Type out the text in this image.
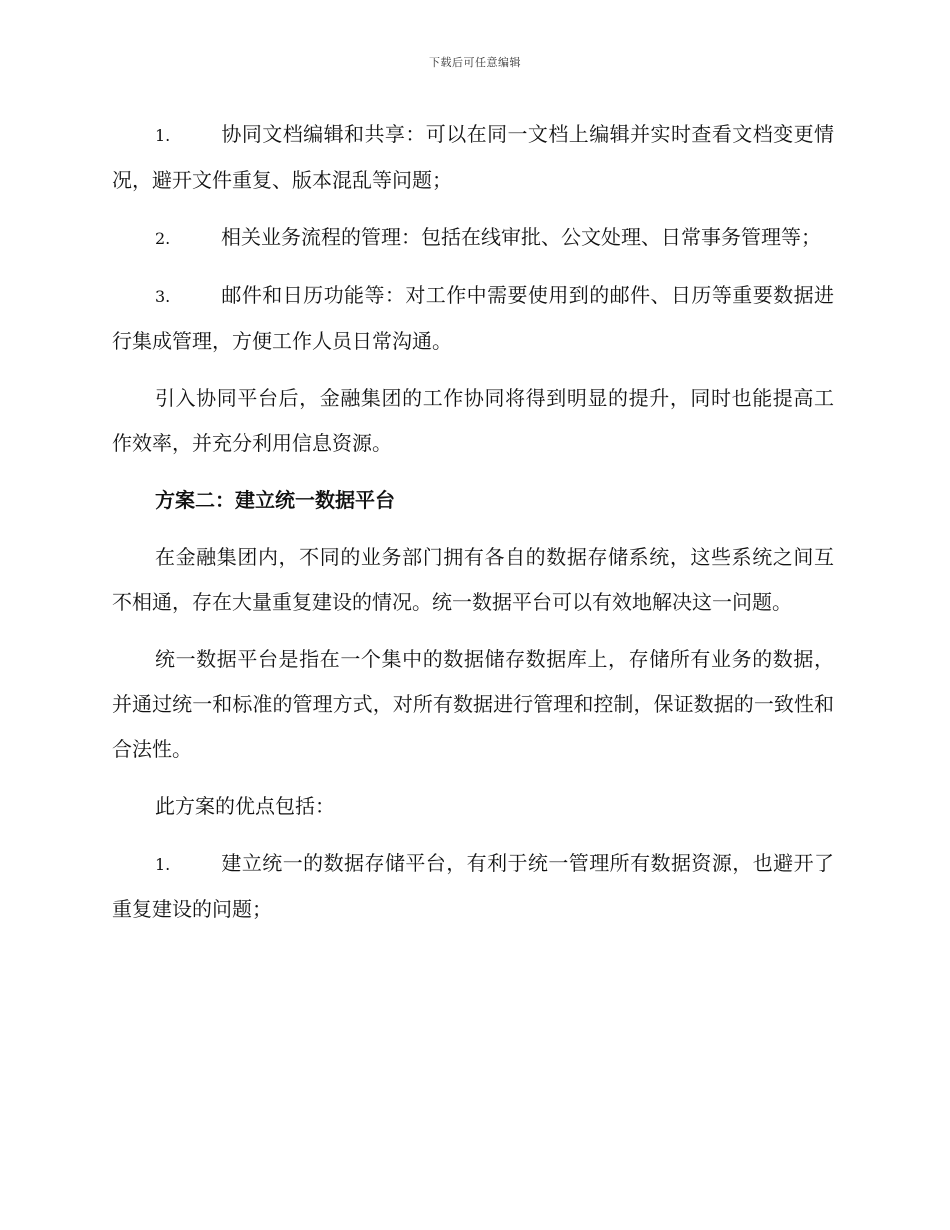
下载后可任意编辑

1.	协同文档编辑和共享：可以在同一文档上编辑并实时查看文档变更情况，避开文件重复、版本混乱等问题；

2.	相关业务流程的管理：包括在线审批、公文处理、日常事务管理等；

3.	邮件和日历功能等：对工作中需要使用到的邮件、日历等重要数据进行集成管理，方便工作人员日常沟通。

引入协同平台后，金融集团的工作协同将得到明显的提升，同时也能提高工作效率，并充分利用信息资源。

方案二：建立统一数据平台

在金融集团内，不同的业务部门拥有各自的数据存储系统，这些系统之间互不相通，存在大量重复建设的情况。统一数据平台可以有效地解决这一问题。

统一数据平台是指在一个集中的数据储存数据库上，存储所有业务的数据，并通过统一和标准的管理方式，对所有数据进行管理和控制，保证数据的一致性和合法性。

此方案的优点包括：

1.	建立统一的数据存储平台，有利于统一管理所有数据资源，也避开了重复建设的问题；
